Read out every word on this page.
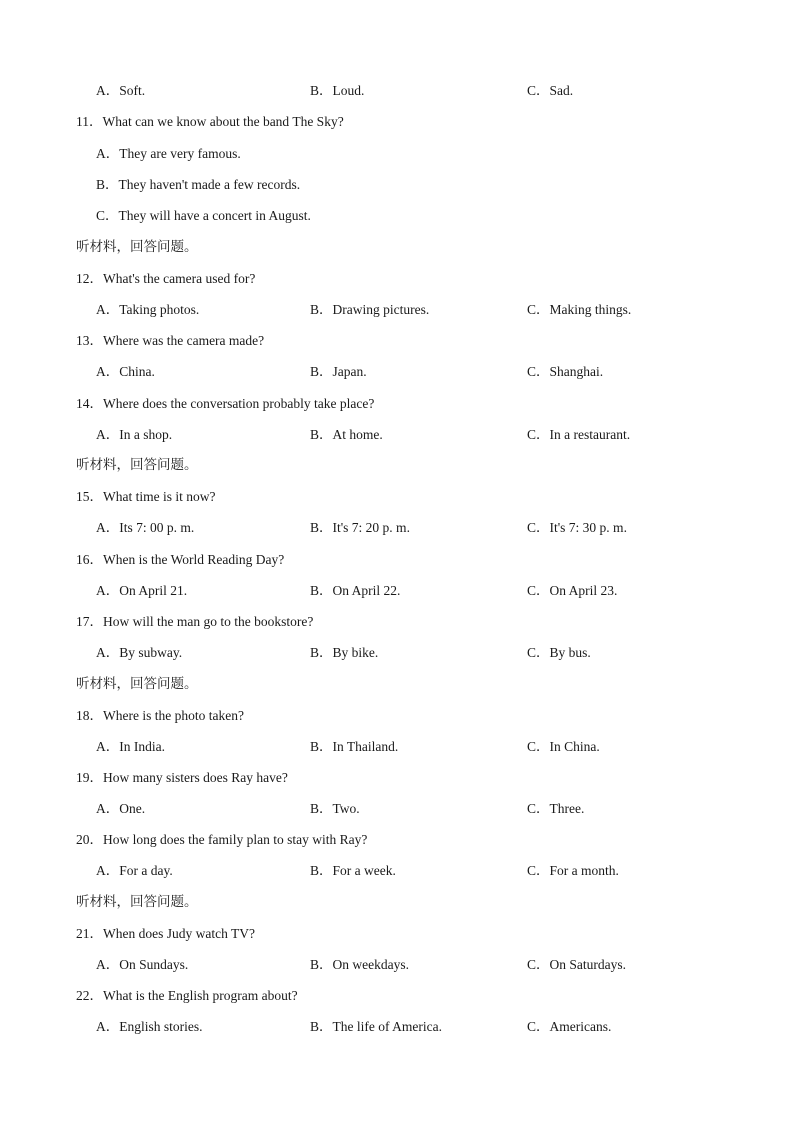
A．Soft.	B．Loud.	C．Sad.
11．What can we know about the band The Sky?
A．They are very famous.
B．They haven't made a few records.
C．They will have a concert in August.
听材料，回答问题。
12．What's the camera used for?
A．Taking photos.	B．Drawing pictures.	C．Making things.
13．Where was the camera made?
A．China.	B．Japan.	C．Shanghai.
14．Where does the conversation probably take place?
A．In a shop.	B．At home.	C．In a restaurant.
听材料，回答问题。
15．What time is it now?
A．Its 7: 00 p. m.	B．It's 7: 20 p. m.	C．It's 7: 30 p. m.
16．When is the World Reading Day?
A．On April 21.	B．On April 22.	C．On April 23.
17．How will the man go to the bookstore?
A．By subway.	B．By bike.	C．By bus.
听材料，回答问题。
18．Where is the photo taken?
A．In India.	B．In Thailand.	C．In China.
19．How many sisters does Ray have?
A．One.	B．Two.	C．Three.
20．How long does the family plan to stay with Ray?
A．For a day.	B．For a week.	C．For a month.
听材料，回答问题。
21．When does Judy watch TV?
A．On Sundays.	B．On weekdays.	C．On Saturdays.
22．What is the English program about?
A．English stories.	B．The life of America.	C．Americans.
